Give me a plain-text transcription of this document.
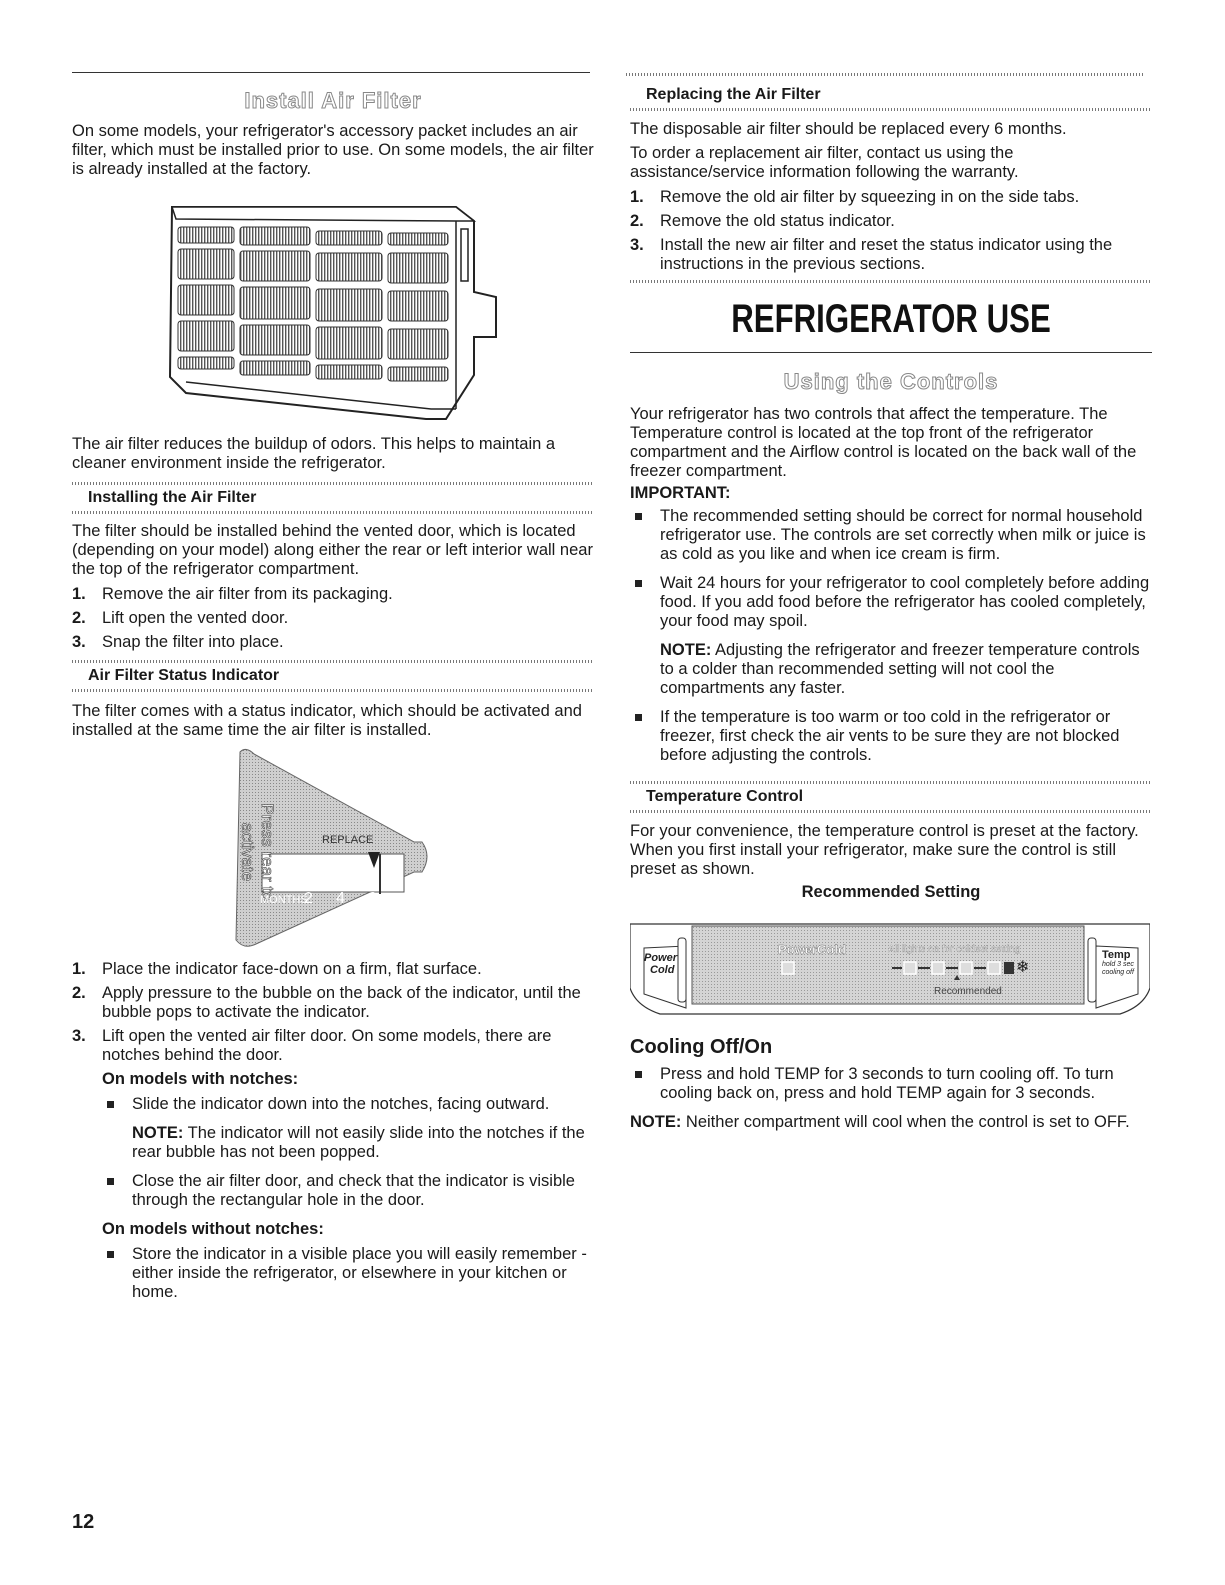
Install Air Filter

On some models, your refrigerator's accessory packet includes an air filter, which must be installed prior to use. On some models, the air filter is already installed at the factory.

The air filter reduces the buildup of odors. This helps to maintain a cleaner environment inside the refrigerator.

Installing the Air Filter

The filter should be installed behind the vented door, which is located (depending on your model) along either the rear or left interior wall near the top of the refrigerator compartment.

1. Remove the air filter from its packaging.
2. Lift open the vented door.
3. Snap the filter into place.
Air Filter Status Indicator

The filter comes with a status indicator, which should be activated and installed at the same time the air filter is installed.

Press rear to activate	REPLACE
MONTHS
2 4 6
1. Place the indicator face-down on a firm, flat surface.
2. Apply pressure to the bubble on the back of the indicator, until the bubble pops to activate the indicator.
3. Lift open the vented air filter door. On some models, there are notches behind the door.
On models with notches:
Slide the indicator down into the notches, facing outward.

NOTE: The indicator will not easily slide into the notches if the rear bubble has not been popped.

Close the air filter door, and check that the indicator is visible through the rectangular hole in the door.
On models without notches:
Store the indicator in a visible place you will easily remember - either inside the refrigerator, or elsewhere in your kitchen or home.
Replacing the Air Filter

The disposable air filter should be replaced every 6 months.

To order a replacement air filter, contact us using the assistance/service information following the warranty.

1. Remove the old air filter by squeezing in on the side tabs.
2. Remove the old status indicator.
3. Install the new air filter and reset the status indicator using the instructions in the previous sections.
REFRIGERATOR USE
Using the Controls

Your refrigerator has two controls that affect the temperature. The Temperature control is located at the top front of the refrigerator compartment and the Airflow control is located on the back wall of the freezer compartment.

IMPORTANT:
The recommended setting should be correct for normal household refrigerator use. The controls are set correctly when milk or juice is as cold as you like and when ice cream is firm.
Wait 24 hours for your refrigerator to cool completely before adding food. If you add food before the refrigerator has cooled completely, your food may spoil.

NOTE: Adjusting the refrigerator and freezer temperature controls to a colder than recommended setting will not cool the compartments any faster.

If the temperature is too warm or too cold in the refrigerator or freezer, first check the air vents to be sure they are not blocked before adjusting the controls.
Temperature Control

For your convenience, the temperature control is preset at the factory. When you first install your refrigerator, make sure the control is still preset as shown.

Recommended Setting
❄
Power
Cold
PowerCold	All lights on for coldest setting
Recommended
Temp
hold 3 sec
cooling off
Cooling Off/On
Press and hold TEMP for 3 seconds to turn cooling off. To turn cooling back on, press and hold TEMP again for 3 seconds.

NOTE: Neither compartment will cool when the control is set to OFF.

12
